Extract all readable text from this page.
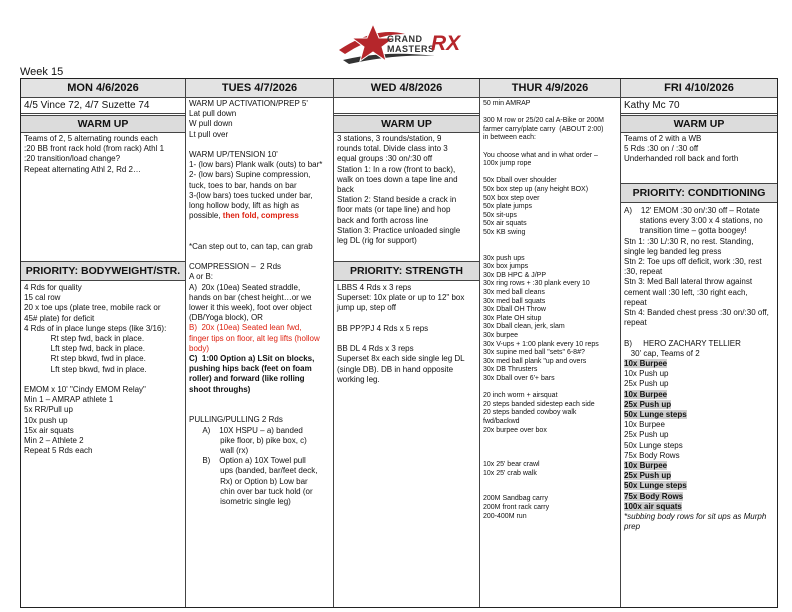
GRAND
MASTERS
RX
Week 15
MON 4/6/2026
4/5 Vince 72, 4/7 Suzette 74
WARM UP

Teams of 2, 5 alternating rounds each

:20 BB front rack hold (from rack) Athl 1

:20 transition/load change?

Repeat alternating Athl 2, Rd 2…

PRIORITY: BODYWEIGHT/STR.

4 Rds for quality

15 cal row

20 x toe ups (plate tree, mobile rack or

45# plate) for deficit

4 Rds of in place lunge steps (like 3/16):

Rt step fwd, back in place.

Lft step fwd, back in place.

Rt step bkwd, fwd in place.

Lft step bkwd, fwd in place.

EMOM x 10' "Cindy EMOM Relay"

Min 1 – AMRAP athlete 1

5x RR/Pull up

10x push up

15x air squats

Min 2 – Athlete 2

Repeat 5 Rds each

TUES 4/7/2026

WARM UP ACTIVATION/PREP 5'

Lat pull down

W pull down

Lt pull over

WARM UP/TENSION 10'

1- (low bars) Plank walk (outs) to bar*

2- (low bars) Supine compression,

tuck, toes to bar, hands on bar

3-(low bars) toes tucked under bar,

long hollow body, lift as high as

possible, then fold, compress

*Can step out to, can tap, can grab

COMPRESSION –  2 Rds

A or B:

A)  20x (10ea) Seated straddle,

hands on bar (chest height…or we

lower it this week), foot over object

(DB/Yoga block), OR

B)  20x (10ea) Seated lean fwd,

finger tips on floor, alt leg lifts (hollow

body)

C)  1:00 Option a) LSit on blocks,

pushing hips back (feet on foam

roller) and forward (like rolling

shoot throughs)

PULLING/PULLING 2 Rds

A)    10X HSPU – a) banded

pike floor, b) pike box, c)

wall (rx)

B)    Option a) 10X Towel pull

ups (banded, bar/feet deck,

Rx) or Option b) Low bar

chin over bar tuck hold (or

isometric single leg)

WED 4/8/2026

WARM UP

3 stations, 3 rounds/station, 9

rounds total. Divide class into 3

equal groups :30 on/:30 off

Station 1: In a row (front to back),

walk on toes down a tape line and

back

Station 2: Stand beside a crack in

floor mats (or tape line) and hop

back and forth across line

Station 3: Practice unloaded single

leg DL (rig for support)

PRIORITY: STRENGTH

LBBS 4 Rds x 3 reps

Superset: 10x plate or up to 12" box

jump up, step off

BB PP?PJ 4 Rds x 5 reps

BB DL 4 Rds x 3 reps

Superset 8x each side single leg DL

(single DB). DB in hand opposite

working leg.

THUR 4/9/2026

50 min AMRAP

300 M row or 25/20 cal A-Bike or 200M

farmer carry/plate carry  (ABOUT 2:00)

in between each:

You choose what and in what order –

100x jump rope

50x Dball over shoulder

50x box step up (any height BOX)

50X box step over

50x plate jumps

50x sit-ups

50x air squats

50x KB swing

30x push ups

30x box jumps

30x DB HPC & J/PP

30x ring rows + :30 plank every 10

30x med ball cleans

30x med ball squats

30x Dball OH Throw

30x Plate OH situp

30x Dball clean, jerk, slam

30x burpee

30x V-ups + 1:00 plank every 10 reps

30x supine med ball "sets" 6-8#?

30x med ball plank "up and overs

30x DB Thrusters

30x Dball over 6'+ bars

20 inch worm + airsquat

20 steps banded sidestep each side

20 steps banded cowboy walk

fwd/backwd

20x burpee over box

10x 25' bear crawl

10x 25' crab walk

200M Sandbag carry

200M front rack carry

200-400M run

FRI 4/10/2026
Kathy Mc 70
WARM UP

Teams of 2 with a WB

5 Rds :30 on / :30 off

Underhanded roll back and forth

PRIORITY: CONDITIONING

A)    12' EMOM :30 on/:30 off – Rotate

stations every 3:00 x 4 stations, no

transition time – gotta boogey!

Stn 1: :30 L/:30 R, no rest. Standing,

single leg banded leg press

Stn 2: Toe ups off deficit, work :30, rest

:30, repeat

Stn 3: Med Ball lateral throw against

cement wall :30 left, :30 right each,

repeat

Stn 4: Banded chest press :30 on/:30 off,

repeat

B)     HERO ZACHARY TELLIER

30' cap, Teams of 2

10x Burpee

10x Push up

25x Push up

10x Burpee

25x Push up

50x Lunge steps

10x Burpee

25x Push up

50x Lunge steps

75x Body Rows

10x Burpee

25x Push up

50x Lunge steps

75x Body Rows

100x air squats

*subbing body rows for sit ups as Murph prep
